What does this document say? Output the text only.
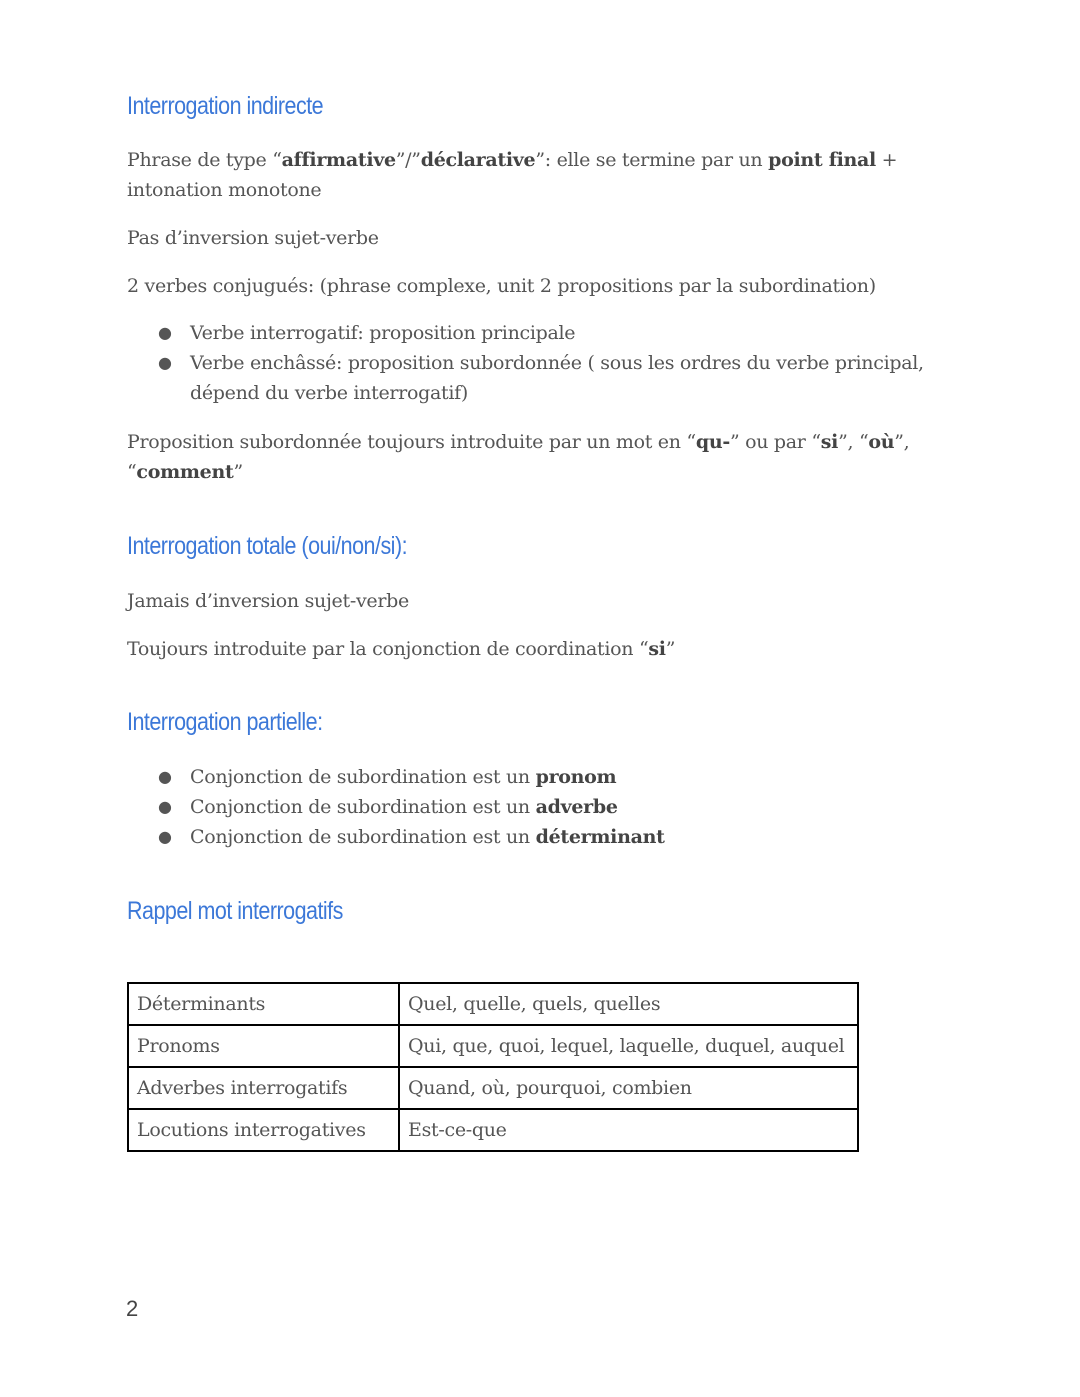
Interrogation indirecte

Phrase de type “affirmative”/”déclarative”: elle se termine par un point final + intonation monotone

Pas d’inversion sujet-verbe

2 verbes conjugués: (phrase complexe, unit 2 propositions par la subordination)

● Verbe interrogatif: proposition principale
● Verbe enchâssé: proposition subordonnée ( sous les ordres du verbe principal, dépend du verbe interrogatif)

Proposition subordonnée toujours introduite par un mot en “qu-” ou par “si”, “où”, “comment”

Interrogation totale (oui/non/si):

Jamais d’inversion sujet-verbe

Toujours introduite par la conjonction de coordination “si”

Interrogation partielle:
● Conjonction de subordination est un pronom
● Conjonction de subordination est un adverbe
● Conjonction de subordination est un déterminant
Rappel mot interrogatifs
Déterminants	Quel, quelle, quels, quelles
Pronoms	Qui, que, quoi, lequel, laquelle, duquel, auquel
Adverbes interrogatifs	Quand, où, pourquoi, combien
Locutions interrogatives	Est-ce-que

2
